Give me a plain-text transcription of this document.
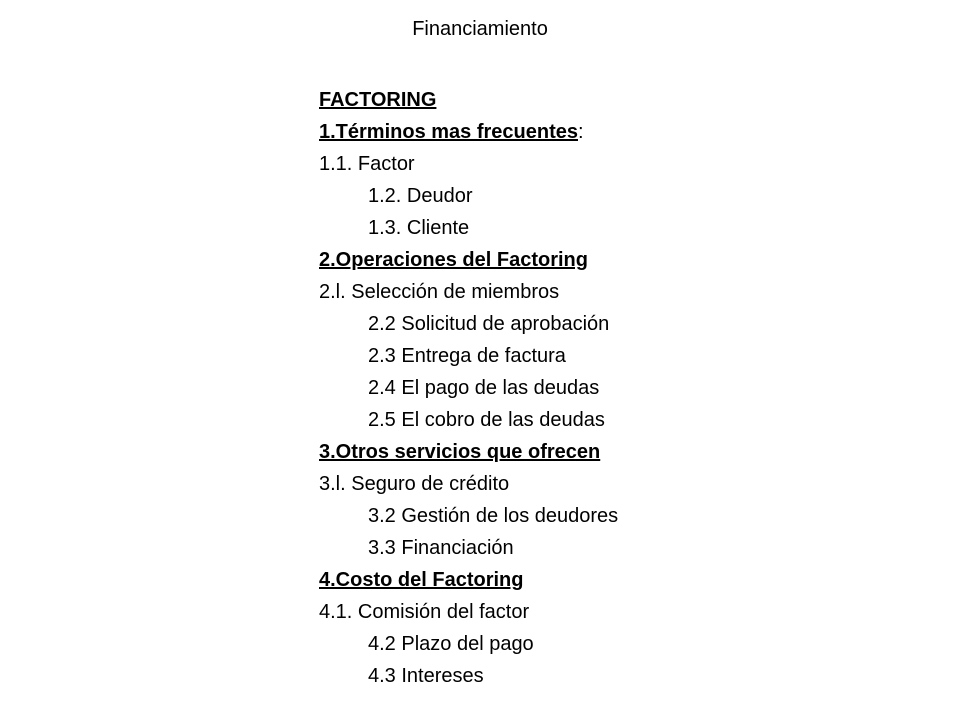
Financiamiento
FACTORING
1.Términos mas frecuentes:
1.1. Factor
1.2. Deudor
1.3. Cliente
2.Operaciones del Factoring
2.l. Selección de miembros
2.2 Solicitud de aprobación
2.3 Entrega de factura
2.4 El pago de las deudas
2.5 El cobro de las deudas
3.Otros servicios que ofrecen
3.l. Seguro de crédito
3.2 Gestión de los deudores
3.3 Financiación
4.Costo del Factoring
4.1. Comisión del factor
4.2 Plazo del pago
4.3 Intereses
